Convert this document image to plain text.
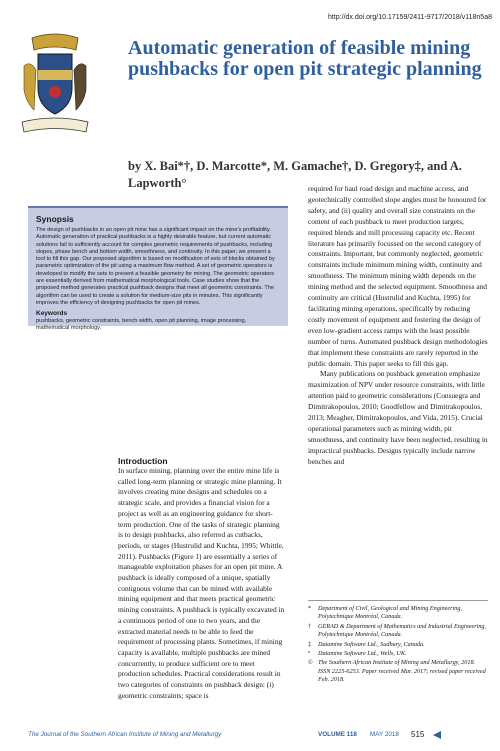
http://dx.doi.org/10.17159/2411-9717/2018/v118n5a8
Automatic generation of feasible mining pushbacks for open pit strategic planning

by X. Bai*†, D. Marcotte*, M. Gamache†, D. Gregory‡, and A. Lapworth°

Synopsis

The design of pushbacks in an open pit mine has a significant impact on the mine's profitability. Automatic generation of practical pushbacks is a highly desirable feature, but current automatic solutions fail to sufficiently account for complex geometric requirements of pushbacks, including slopes, phase bench and bottom width, smoothness, and continuity. In this paper, we present a tool to fill this gap. Our proposed algorithm is based on modification of sets of blocks obtained by parametric optimization of the pit using a maximum flow method. A set of geometric operators is developed to modify the sets to present a feasible geometry for mining. The geometric operators are essentially derived from mathematical morphological tools. Case studies show that the proposed method generates practical pushback designs that meet all geometric constraints. The algorithm can be used to create a solution for medium-size pits in minutes. This significantly improves the efficiency of designing pushbacks for open pit mines.

Keywords

pushbacks, geometric constraints, bench width, open pit planning, image processing, mathematical morphology.

Introduction

In surface mining, planning over the entire mine life is called long-term planning or strategic mine planning. It involves creating mine designs and schedules on a strategic scale, and provides a financial vision for a project as well as an engineering guidance for short-term production. One of the tasks of strategic planning is to design pushbacks, also referred as cutbacks, periods, or stages (Hustrulid and Kuchta, 1995; Whittle, 2011). Pushbacks (Figure 1) are essentially a series of manageable exploitation phases for an open pit mine. A pushback is ideally composed of a unique, spatially contiguous volume that can be mined with available mining equipment and that meets practical geometric mining constraints. A pushback is typically excavated in a continuous period of one to two years, and the extracted material needs to be able to feed the requirement of processing plants. Sometimes, if mining capacity is available, multiple pushbacks are mined concurrently, to produce sufficient ore to meet production schedules. Practical considerations result in two categories of constraints on pushback design: (i) geometric constraints; space is

required for haul road design and machine access, and geotechnically controlled slope angles must be honoured for safety, and (ii) quality and overall size constraints on the content of each pushback to meet production targets, required blends and mill processing capacity etc. Recent literature has primarily focussed on the second category of constraints. Important, but commonly neglected, geometric constraints include minimum mining width, continuity and smoothness. The minimum mining width depends on the mining method and the selected equipment. Smoothness and continuity are critical (Hustrulid and Kuchta, 1995) for facilitating mining operations, specifically by reducing costly movement of equipment and fostering the design of even low-gradient access ramps with the least possible number of turns. Automated pushback design methodologies that implement these constraints are rarely reported in the public domain. This paper seeks to fill this gap.

Many publications on pushback generation emphasize maximization of NPV under resource constraints, with little attention paid to geometric considerations (Consuegra and Dimitrakopoulos, 2010; Goodfellow and Dimitrakopoulos, 2013; Meagher, Dimitrakopoulos, and Vida, 2015). Crucial operational parameters such as mining width, pit smoothness, and continuity have been neglected, resulting in impractical pushbacks. Designs typically include narrow benches and

*	Department of Civil, Geological and Mining Engineering, Polytechnique Montréal, Canada.
†	GERAD & Department of Mathematics and Industrial Engineering, Polytechnique Montréal, Canada.
‡	Datamine Software Ltd., Sudbury, Canada.
°	Datamine Software Ltd., Wells, UK.
© The Southern African Institute of Mining and Metallurgy, 2018. ISSN 2225-6253. Paper received Mar. 2017; revised paper received Feb. 2018.
The Journal of the Southern African Institute of Mining and Metallurgy	VOLUME 118 MAY 2018 515
